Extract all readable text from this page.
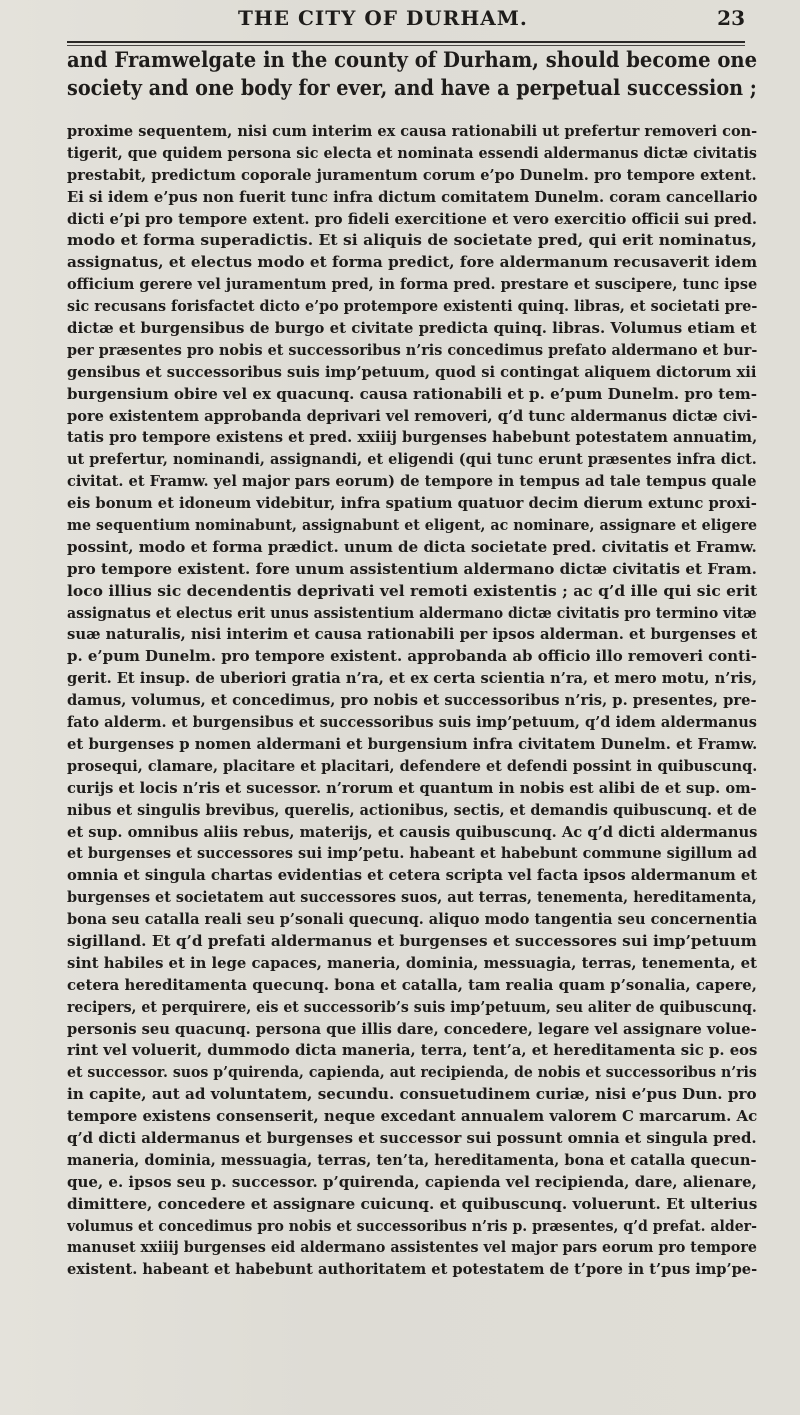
THE CITY OF DURHAM.	23
and Framwelgate in the county of Durham, should become one
society and one body for ever, and have a perpetual succession ;
proxime sequentem, nisi cum interim ex causa rationabili ut prefertur removeri con-
tigerit, que quidem persona sic electa et nominata essendi aldermanus dictæ civitatis
prestabit, predictum coporale juramentum corum e’po Dunelm. pro tempore extent.
Ei si idem e’pus non fuerit tunc infra dictum comitatem Dunelm. coram cancellario
dicti e’pi pro tempore extent. pro fideli exercitione et vero exercitio officii sui pred.
modo et forma superadictis. Et si aliquis de societate pred, qui erit nominatus,
assignatus, et electus modo et forma predict, fore aldermanum recusaverit idem
officium gerere vel juramentum pred, in forma pred. prestare et suscipere, tunc ipse
sic recusans forisfactet dicto e’po protempore existenti quinq. libras, et societati pre-
dictæ et burgensibus de burgo et civitate predicta quinq. libras. Volumus etiam et
per præsentes pro nobis et successoribus n’ris concedimus prefato aldermano et bur-
gensibus et successoribus suis imp’petuum, quod si contingat aliquem dictorum xii
burgensium obire vel ex quacunq. causa rationabili et p. e’pum Dunelm. pro tem-
pore existentem approbanda deprivari vel removeri, q’d tunc aldermanus dictæ civi-
tatis pro tempore existens et pred. xxiiij burgenses habebunt potestatem annuatim,
ut prefertur, nominandi, assignandi, et eligendi (qui tunc erunt præsentes infra dict.
civitat. et Framw. yel major pars eorum) de tempore in tempus ad tale tempus quale
eis bonum et idoneum videbitur, infra spatium quatuor decim dierum extunc proxi-
me sequentium nominabunt, assignabunt et eligent, ac nominare, assignare et eligere
possint, modo et forma prædict. unum de dicta societate pred. civitatis et Framw.
pro tempore existent. fore unum assistentium aldermano dictæ civitatis et Fram.
loco illius sic decendentis deprivati vel remoti existentis ; ac q’d ille qui sic erit
assignatus et electus erit unus assistentium aldermano dictæ civitatis pro termino vitæ
suæ naturalis, nisi interim et causa rationabili per ipsos alderman. et burgenses et
p. e’pum Dunelm. pro tempore existent. approbanda ab officio illo removeri conti-
gerit. Et insup. de uberiori gratia n’ra, et ex certa scientia n’ra, et mero motu, n’ris,
damus, volumus, et concedimus, pro nobis et successoribus n’ris, p. presentes, pre-
fato alderm. et burgensibus et successoribus suis imp’petuum, q’d idem aldermanus
et burgenses p nomen aldermani et burgensium infra civitatem Dunelm. et Framw.
prosequi, clamare, placitare et placitari, defendere et defendi possint in quibuscunq.
curijs et locis n’ris et sucessor. n’rorum et quantum in nobis est alibi de et sup. om-
nibus et singulis brevibus, querelis, actionibus, sectis, et demandis quibuscunq. et de
et sup. omnibus aliis rebus, materijs, et causis quibuscunq. Ac q’d dicti aldermanus
et burgenses et successores sui imp’petu. habeant et habebunt commune sigillum ad
omnia et singula chartas evidentias et cetera scripta vel facta ipsos aldermanum et
burgenses et societatem aut successores suos, aut terras, tenementa, hereditamenta,
bona seu catalla reali seu p’sonali quecunq. aliquo modo tangentia seu concernentia
sigilland. Et q’d prefati aldermanus et burgenses et successores sui imp’petuum
sint habiles et in lege capaces, maneria, dominia, messuagia, terras, tenementa, et
cetera hereditamenta quecunq. bona et catalla, tam realia quam p’sonalia, capere,
recipers, et perquirere, eis et successorib’s suis imp’petuum, seu aliter de quibuscunq.
personis seu quacunq. persona que illis dare, concedere, legare vel assignare volue-
rint vel voluerit, dummodo dicta maneria, terra, tent’a, et hereditamenta sic p. eos
et successor. suos p’quirenda, capienda, aut recipienda, de nobis et successoribus n’ris
in capite, aut ad voluntatem, secundu. consuetudinem curiæ, nisi e’pus Dun. pro
tempore existens consenserit, neque excedant annualem valorem C marcarum. Ac
q’d dicti aldermanus et burgenses et successor sui possunt omnia et singula pred.
maneria, dominia, messuagia, terras, ten’ta, hereditamenta, bona et catalla quecun-
que, e. ipsos seu p. successor. p’quirenda, capienda vel recipienda, dare, alienare,
dimittere, concedere et assignare cuicunq. et quibuscunq. voluerunt. Et ulterius
volumus et concedimus pro nobis et successoribus n’ris p. præsentes, q’d prefat. alder-
manuset xxiiij burgenses eid aldermano assistentes vel major pars eorum pro tempore
existent. habeant et habebunt authoritatem et potestatem de t’pore in t’pus imp’pe-
